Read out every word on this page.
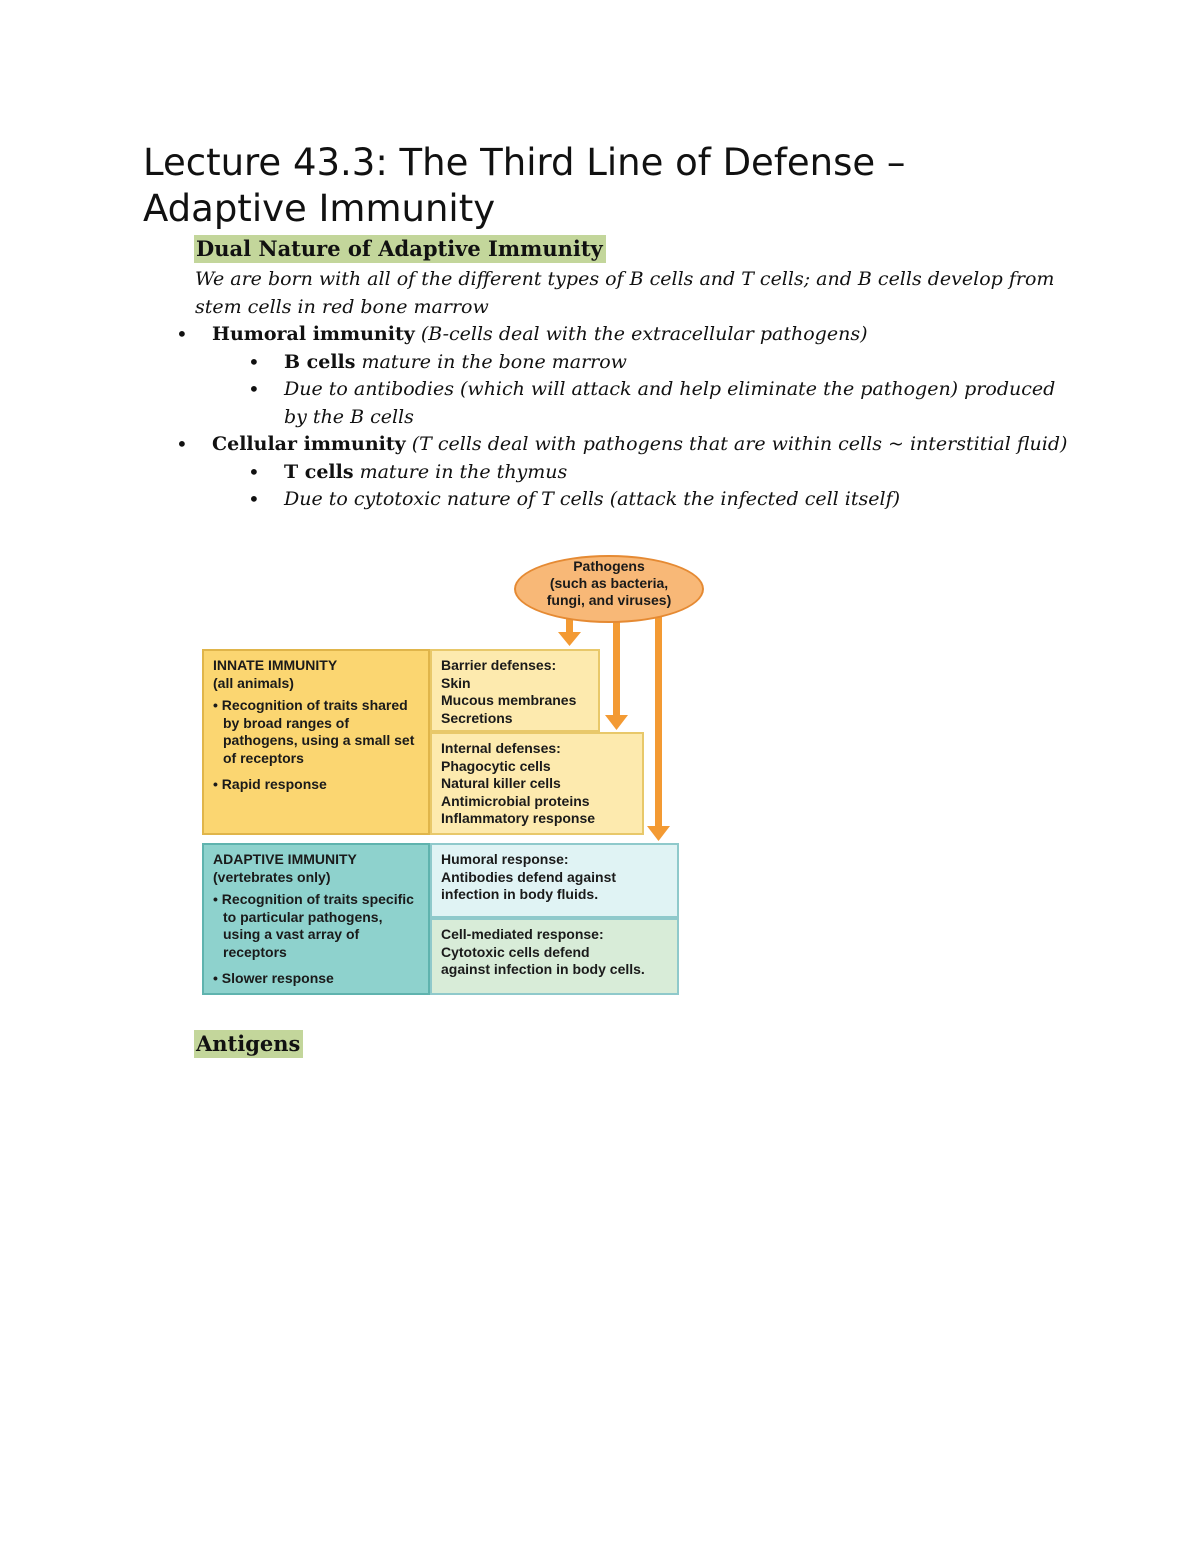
Lecture 43.3: The Third Line of Defense –
Adaptive Immunity
Dual Nature of Adaptive Immunity

We are born with all of the different types of B cells and T cells; and B cells develop from stem cells in red bone marrow

• Humoral immunity (B-cells deal with the extracellular pathogens)
• B cells mature in the bone marrow
• Due to antibodies (which will attack and help eliminate the pathogen) produced by the B cells
• Cellular immunity (T cells deal with pathogens that are within cells ~ interstitial fluid)
• T cells mature in the thymus
• Due to cytotoxic nature of T cells (attack the infected cell itself)
Pathogens
(such as bacteria,
fungi, and viruses)
INNATE IMMUNITY
(all animals)
• Recognition of traits shared by broad ranges of pathogens, using a small set of receptors
• Rapid response
Barrier defenses:
Skin
Mucous membranes
Secretions
Internal defenses:
Phagocytic cells
Natural killer cells
Antimicrobial proteins
Inflammatory response
ADAPTIVE IMMUNITY
(vertebrates only)
• Recognition of traits specific to particular pathogens, using a vast array of receptors
• Slower response
Humoral response:
Antibodies defend against
infection in body fluids.
Cell-mediated response:
Cytotoxic cells defend
against infection in body cells.
Antigens
